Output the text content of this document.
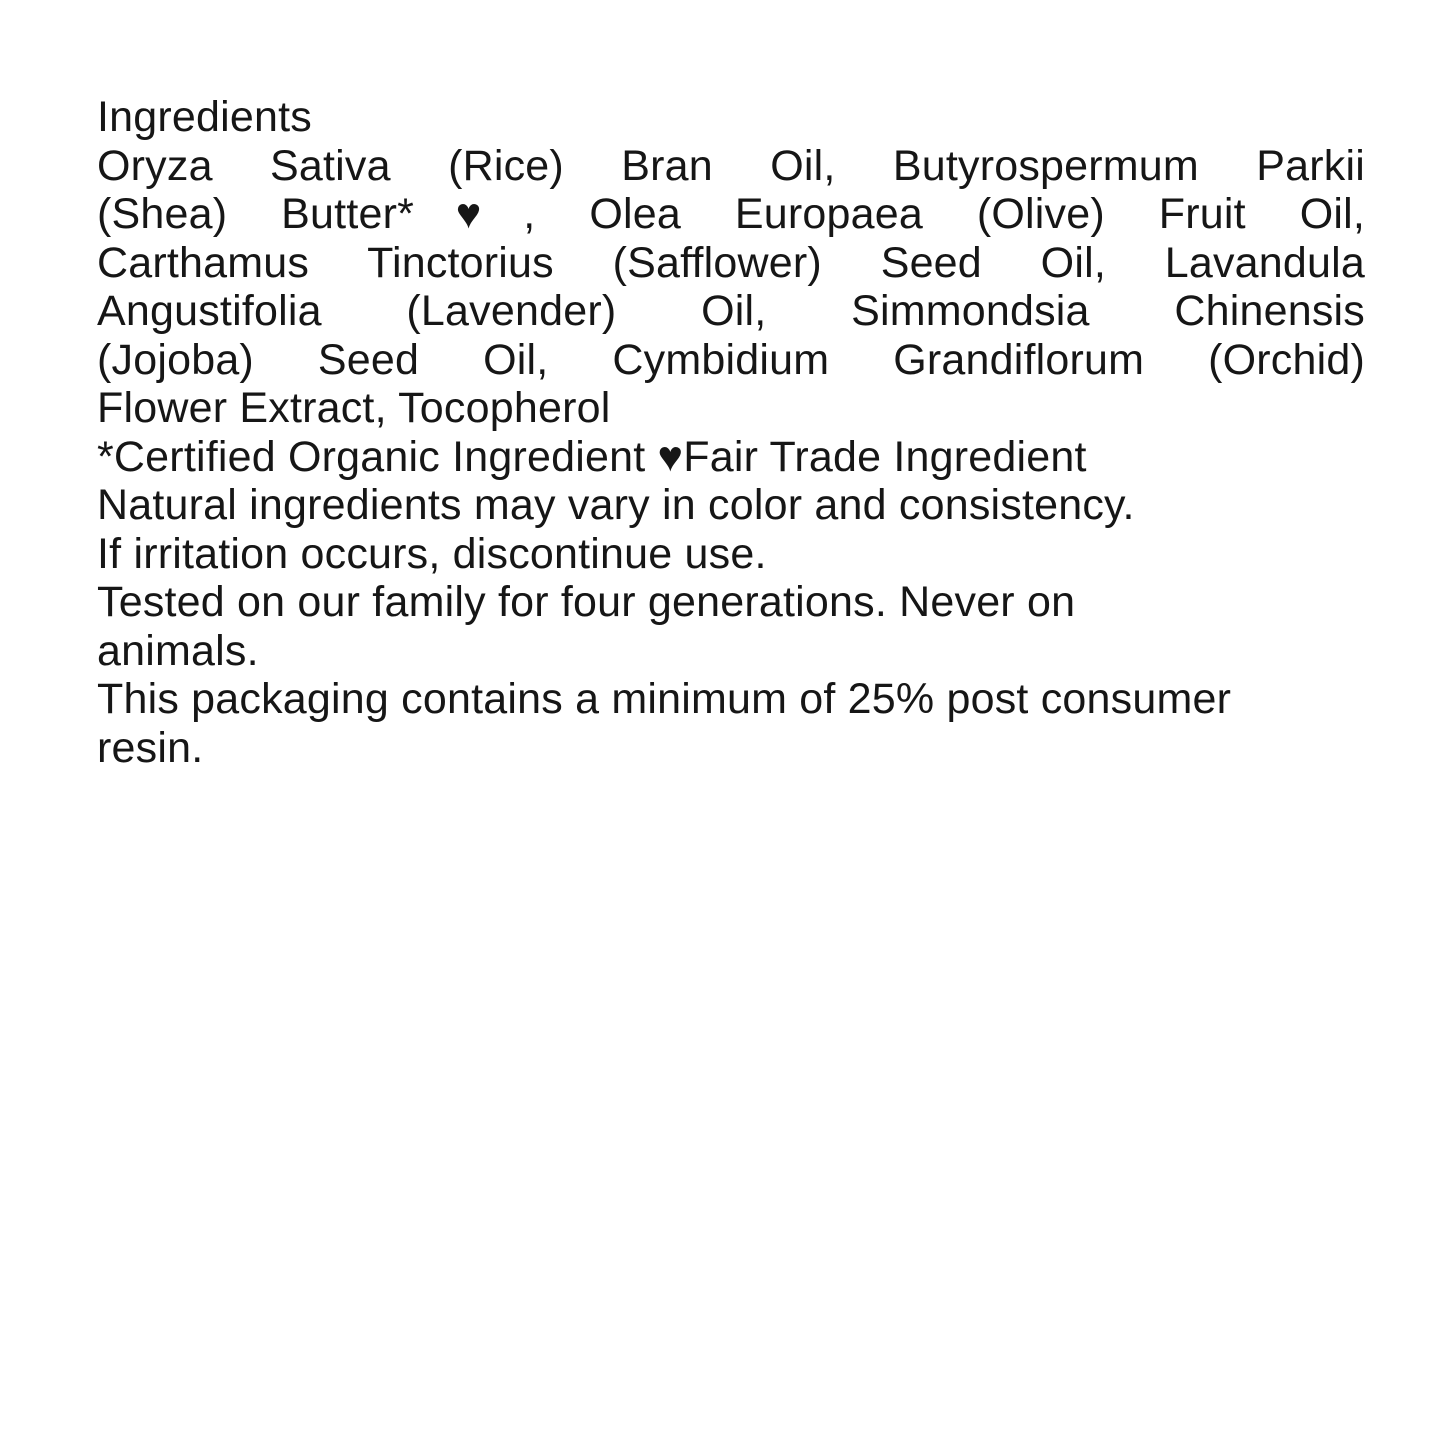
Ingredients
Oryza Sativa (Rice) Bran Oil, Butyrospermum Parkii
(Shea) Butter*♥, Olea Europaea (Olive) Fruit Oil,
Carthamus Tinctorius (Safflower) Seed Oil, Lavandula
Angustifolia (Lavender) Oil, Simmondsia Chinensis
(Jojoba) Seed Oil, Cymbidium Grandiflorum (Orchid)
Flower Extract, Tocopherol
*Certified Organic Ingredient ♥Fair Trade Ingredient
Natural ingredients may vary in color and consistency.
If irritation occurs, discontinue use.
Tested on our family for four generations. Never on
animals.
This packaging contains a minimum of 25% post consumer
resin.
